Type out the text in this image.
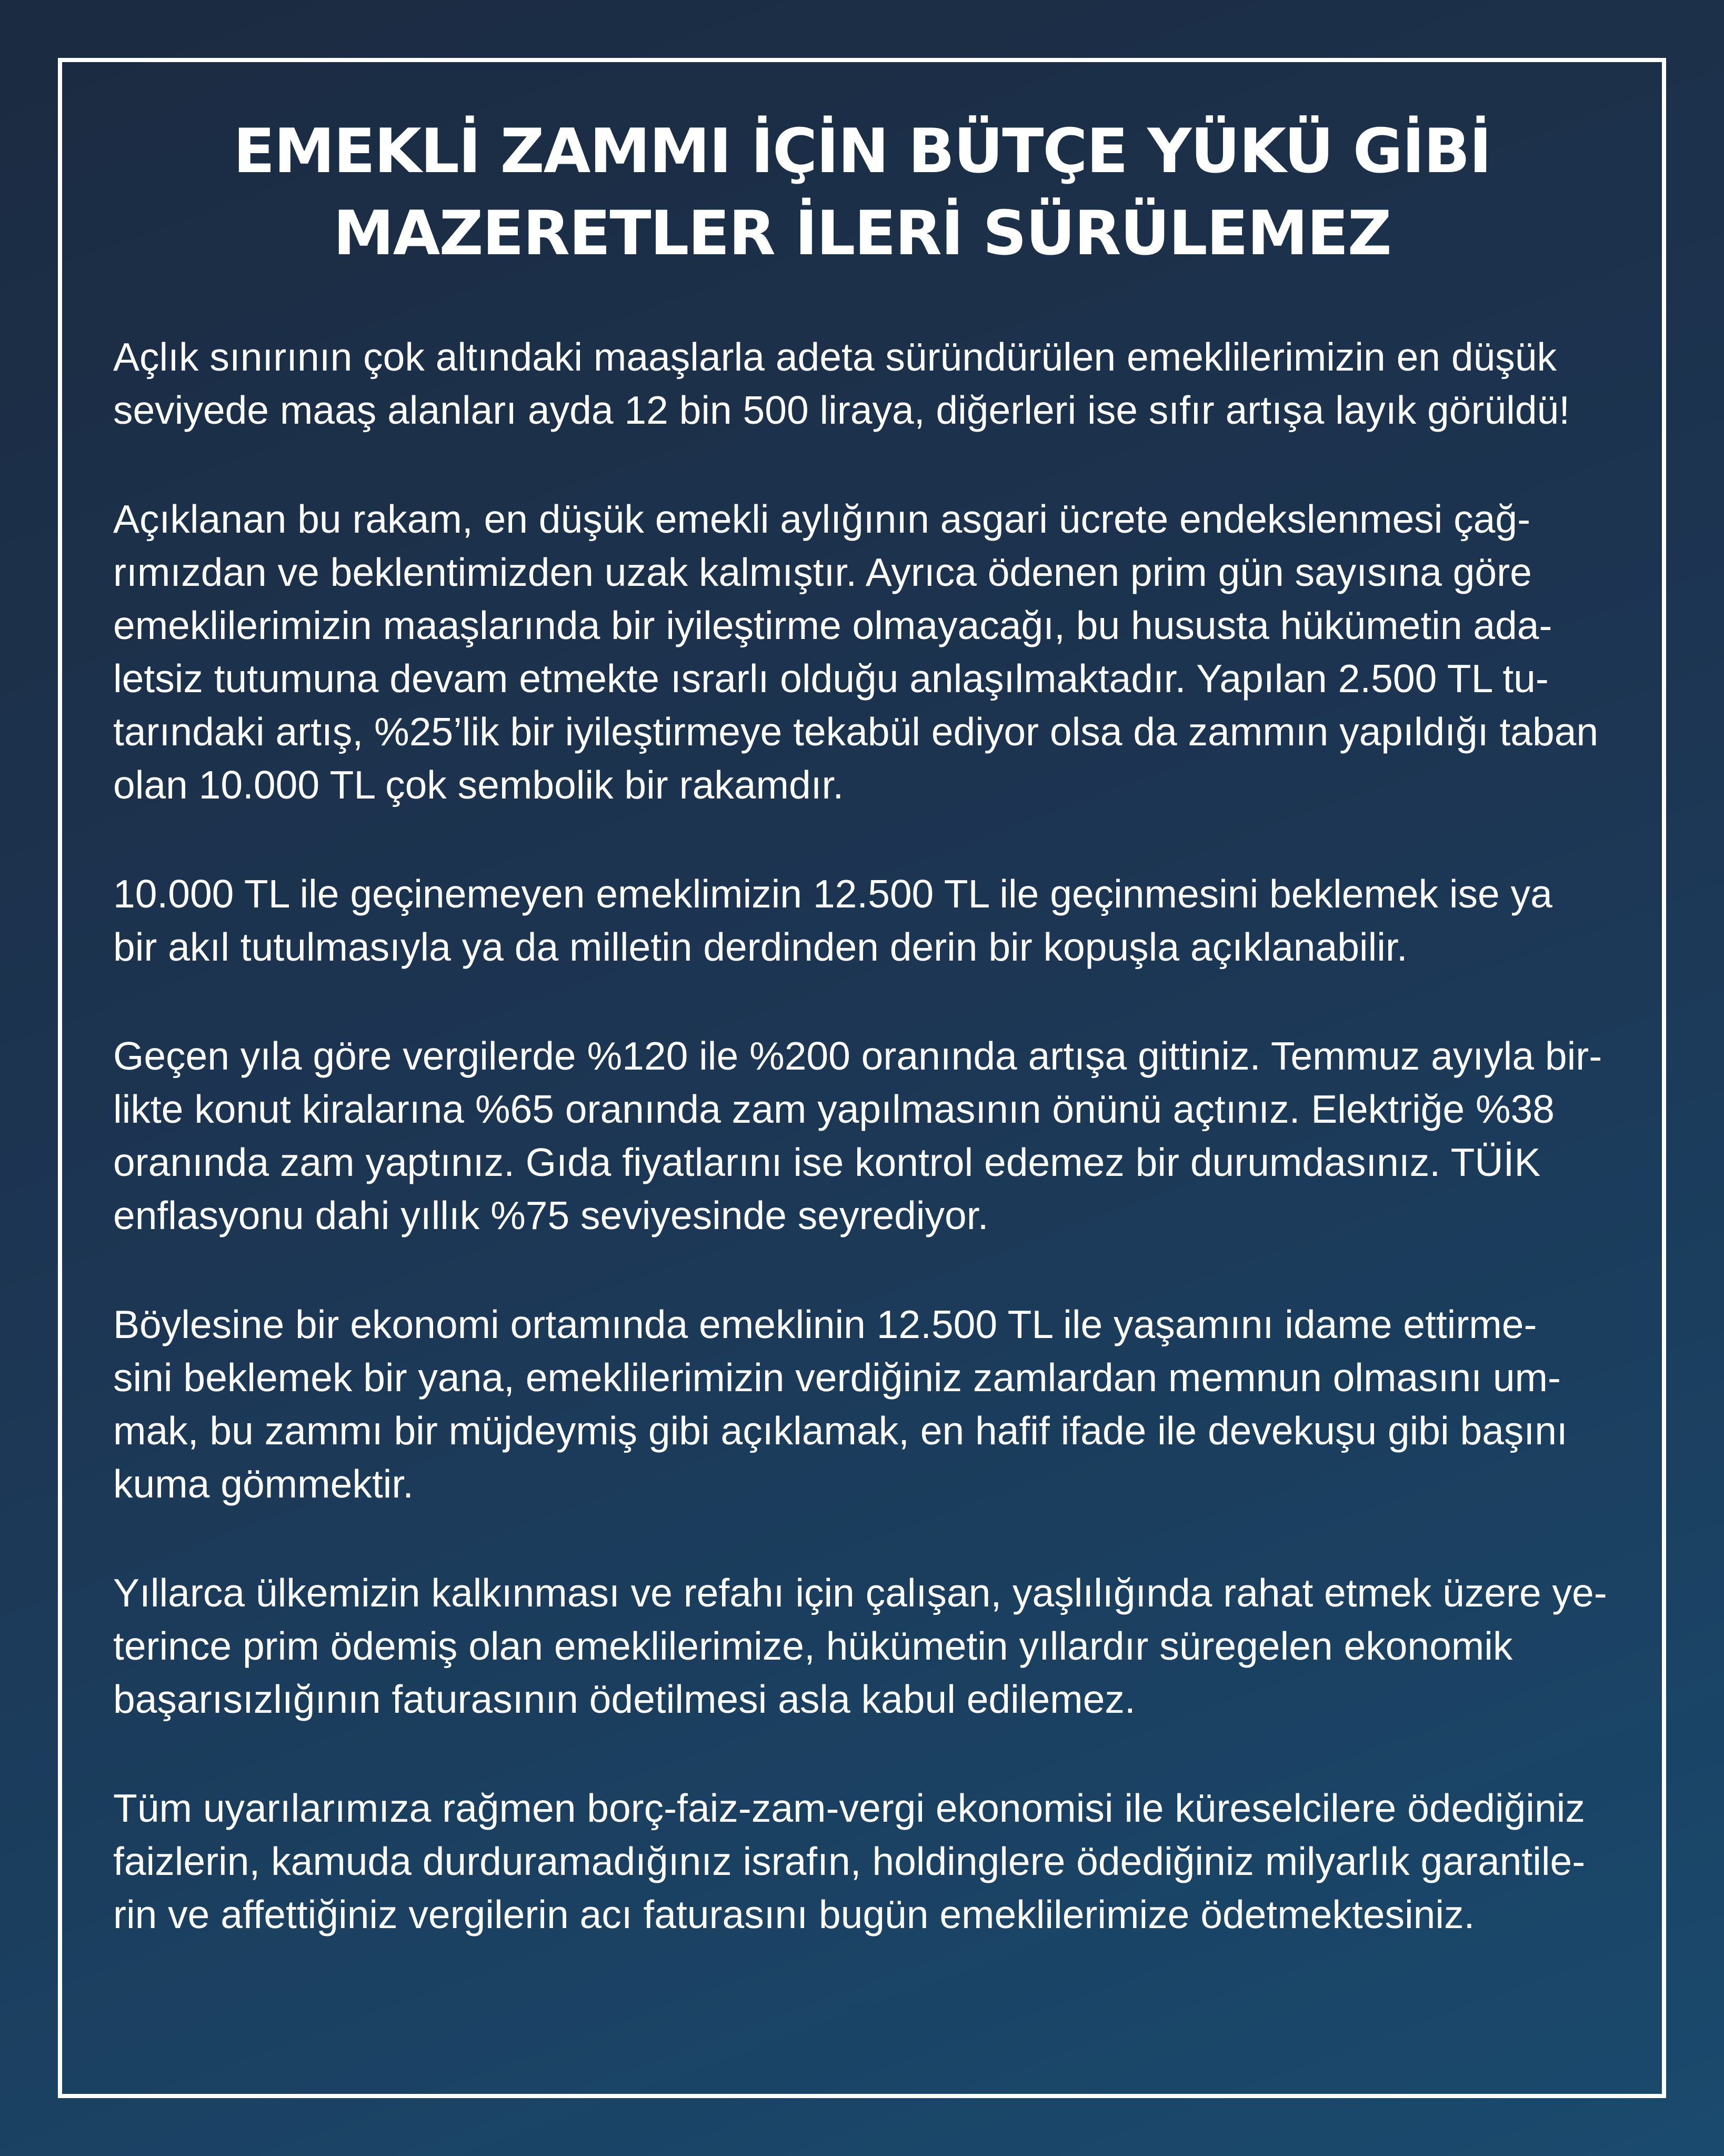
EMEKLİ ZAMMI İÇİN BÜTÇE YÜKÜ GİBİ
MAZERETLER İLERİ SÜRÜLEMEZ

Açlık sınırının çok altındaki maaşlarla adeta süründürülen emeklilerimizin en düşük
seviyede maaş alanları ayda 12 bin 500 liraya, diğerleri ise sıfır artışa layık görüldü!

Açıklanan bu rakam, en düşük emekli aylığının asgari ücrete endekslenmesi çağ-
rımızdan ve beklentimizden uzak kalmıştır. Ayrıca ödenen prim gün sayısına göre
emeklilerimizin maaşlarında bir iyileştirme olmayacağı, bu hususta hükümetin ada-
letsiz tutumuna devam etmekte ısrarlı olduğu anlaşılmaktadır. Yapılan 2.500 TL tu-
tarındaki artış, %25’lik bir iyileştirmeye tekabül ediyor olsa da zammın yapıldığı taban
olan 10.000 TL çok sembolik bir rakamdır.

10.000 TL ile geçinemeyen emeklimizin 12.500 TL ile geçinmesini beklemek ise ya
bir akıl tutulmasıyla ya da milletin derdinden derin bir kopuşla açıklanabilir.

Geçen yıla göre vergilerde %120 ile %200 oranında artışa gittiniz. Temmuz ayıyla bir-
likte konut kiralarına %65 oranında zam yapılmasının önünü açtınız. Elektriğe %38
oranında zam yaptınız. Gıda fiyatlarını ise kontrol edemez bir durumdasınız. TÜİK
enflasyonu dahi yıllık %75 seviyesinde seyrediyor.

Böylesine bir ekonomi ortamında emeklinin 12.500 TL ile yaşamını idame ettirme-
sini beklemek bir yana, emeklilerimizin verdiğiniz zamlardan memnun olmasını um-
mak, bu zammı bir müjdeymiş gibi açıklamak, en hafif ifade ile devekuşu gibi başını
kuma gömmektir.

Yıllarca ülkemizin kalkınması ve refahı için çalışan, yaşlılığında rahat etmek üzere ye-
terince prim ödemiş olan emeklilerimize, hükümetin yıllardır süregelen ekonomik
başarısızlığının faturasının ödetilmesi asla kabul edilemez.

Tüm uyarılarımıza rağmen borç-faiz-zam-vergi ekonomisi ile küreselcilere ödediğiniz
faizlerin, kamuda durduramadığınız israfın, holdinglere ödediğiniz milyarlık garantile-
rin ve affettiğiniz vergilerin acı faturasını bugün emeklilerimize ödetmektesiniz.
